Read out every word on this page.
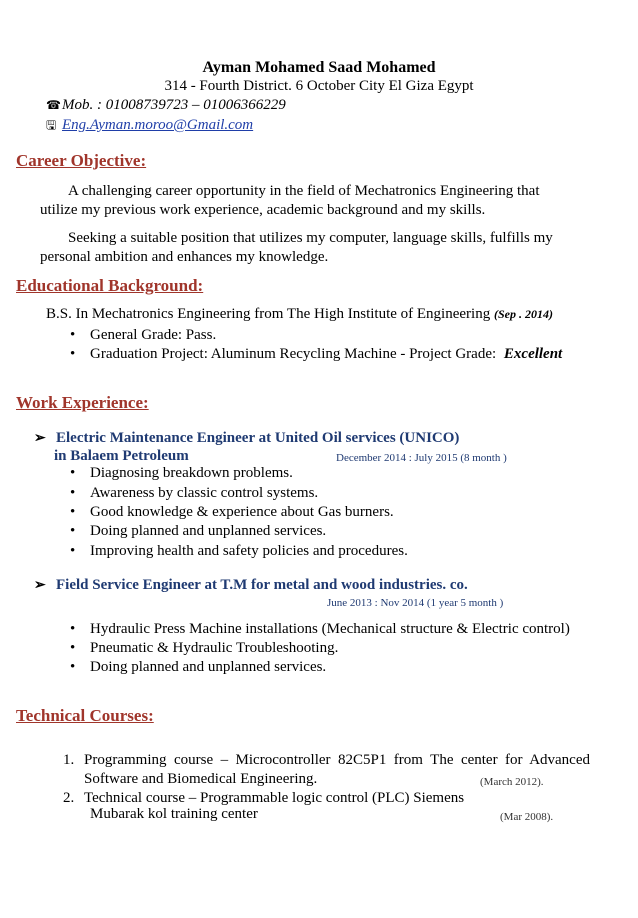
Ayman Mohamed Saad Mohamed
314 - Fourth District. 6 October City El Giza Egypt
☎Mob. : 01008739723 – 01006366229
🖫 Eng.Ayman.moroo@Gmail.com
Career Objective:
A challenging career opportunity in the field of Mechatronics Engineering that utilize my previous work experience, academic background and my skills.
Seeking a suitable position that utilizes my computer, language skills, fulfills my personal ambition and enhances my knowledge.
Educational Background:
B.S. In Mechatronics Engineering from The High Institute of Engineering (Sep . 2014)
• General Grade: Pass.
• Graduation Project: Aluminum Recycling Machine - Project Grade: Excellent
Work Experience:
➢ Electric Maintenance Engineer at United Oil services (UNICO)
in Balaem Petroleum	December 2014 : July 2015 (8 month )
• Diagnosing breakdown problems.
• Awareness by classic control systems.
• Good knowledge & experience about Gas burners.
• Doing planned and unplanned services.
• Improving health and safety policies and procedures.
➢ Field Service Engineer at T.M for metal and wood industries. co.
June 2013 : Nov 2014 (1 year 5 month )
• Hydraulic Press Machine installations (Mechanical structure & Electric control)
• Pneumatic & Hydraulic Troubleshooting.
• Doing planned and unplanned services.
Technical Courses:
1. Programming course – Microcontroller 82C5P1 from The center for Advanced
Software and Biomedical Engineering.	(March 2012).
2. Technical course – Programmable logic control (PLC) Siemens
Mubarak kol training center	(Mar 2008).
